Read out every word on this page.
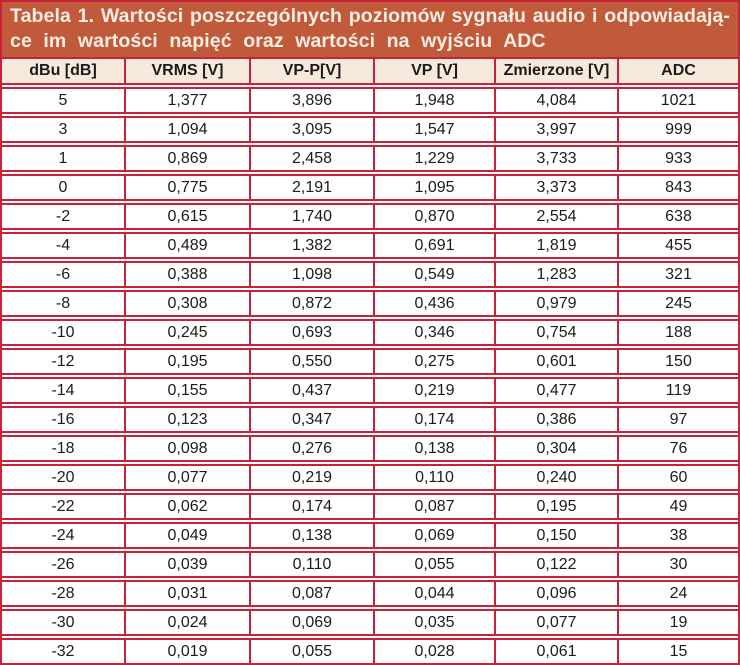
Tabela 1. Wartości poszczególnych poziomów sygnału audio i odpowiadają-
ce im wartości napięć oraz wartości na wyjściu ADC
dBu [dB]	VRMS [V]	VP-P[V]	VP [V]	Zmierzone [V]	ADC
5	1,377	3,896	1,948	4,084	1021
3	1,094	3,095	1,547	3,997	999
1	0,869	2,458	1,229	3,733	933
0	0,775	2,191	1,095	3,373	843
-2	0,615	1,740	0,870	2,554	638
-4	0,489	1,382	0,691	1,819	455
-6	0,388	1,098	0,549	1,283	321
-8	0,308	0,872	0,436	0,979	245
-10	0,245	0,693	0,346	0,754	188
-12	0,195	0,550	0,275	0,601	150
-14	0,155	0,437	0,219	0,477	119
-16	0,123	0,347	0,174	0,386	97
-18	0,098	0,276	0,138	0,304	76
-20	0,077	0,219	0,110	0,240	60
-22	0,062	0,174	0,087	0,195	49
-24	0,049	0,138	0,069	0,150	38
-26	0,039	0,110	0,055	0,122	30
-28	0,031	0,087	0,044	0,096	24
-30	0,024	0,069	0,035	0,077	19
-32	0,019	0,055	0,028	0,061	15
